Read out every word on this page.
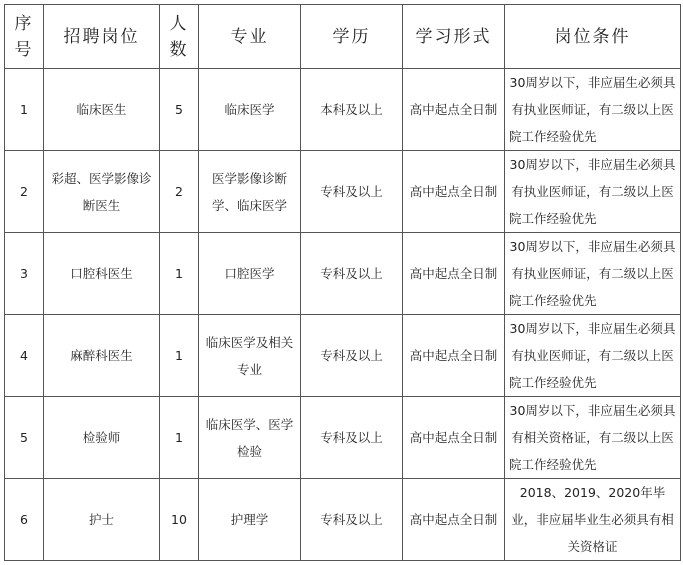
序号	招聘岗位	人数	专业	学历	学习形式	岗位条件
1	临床医生	5	临床医学	本科及以上	高中起点全日制	30周岁以下，非应届生必须具有执业医师证，有二级以上医院工作经验优先
2	彩超、医学影像诊断医生	2	医学影像诊断学、临床医学	专科及以上	高中起点全日制	30周岁以下，非应届生必须具有执业医师证，有二级以上医院工作经验优先
3	口腔科医生	1	口腔医学	专科及以上	高中起点全日制	30周岁以下，非应届生必须具有执业医师证，有二级以上医院工作经验优先
4	麻醉科医生	1	临床医学及相关专业	专科及以上	高中起点全日制	30周岁以下，非应届生必须具有执业医师证，有二级以上医院工作经验优先
5	检验师	1	临床医学、医学检验	专科及以上	高中起点全日制	30周岁以下，非应届生必须具有相关资格证，有二级以上医院工作经验优先
6	护士	10	护理学	专科及以上	高中起点全日制	2018、2019、2020年毕业，非应届毕业生必须具有相关资格证
